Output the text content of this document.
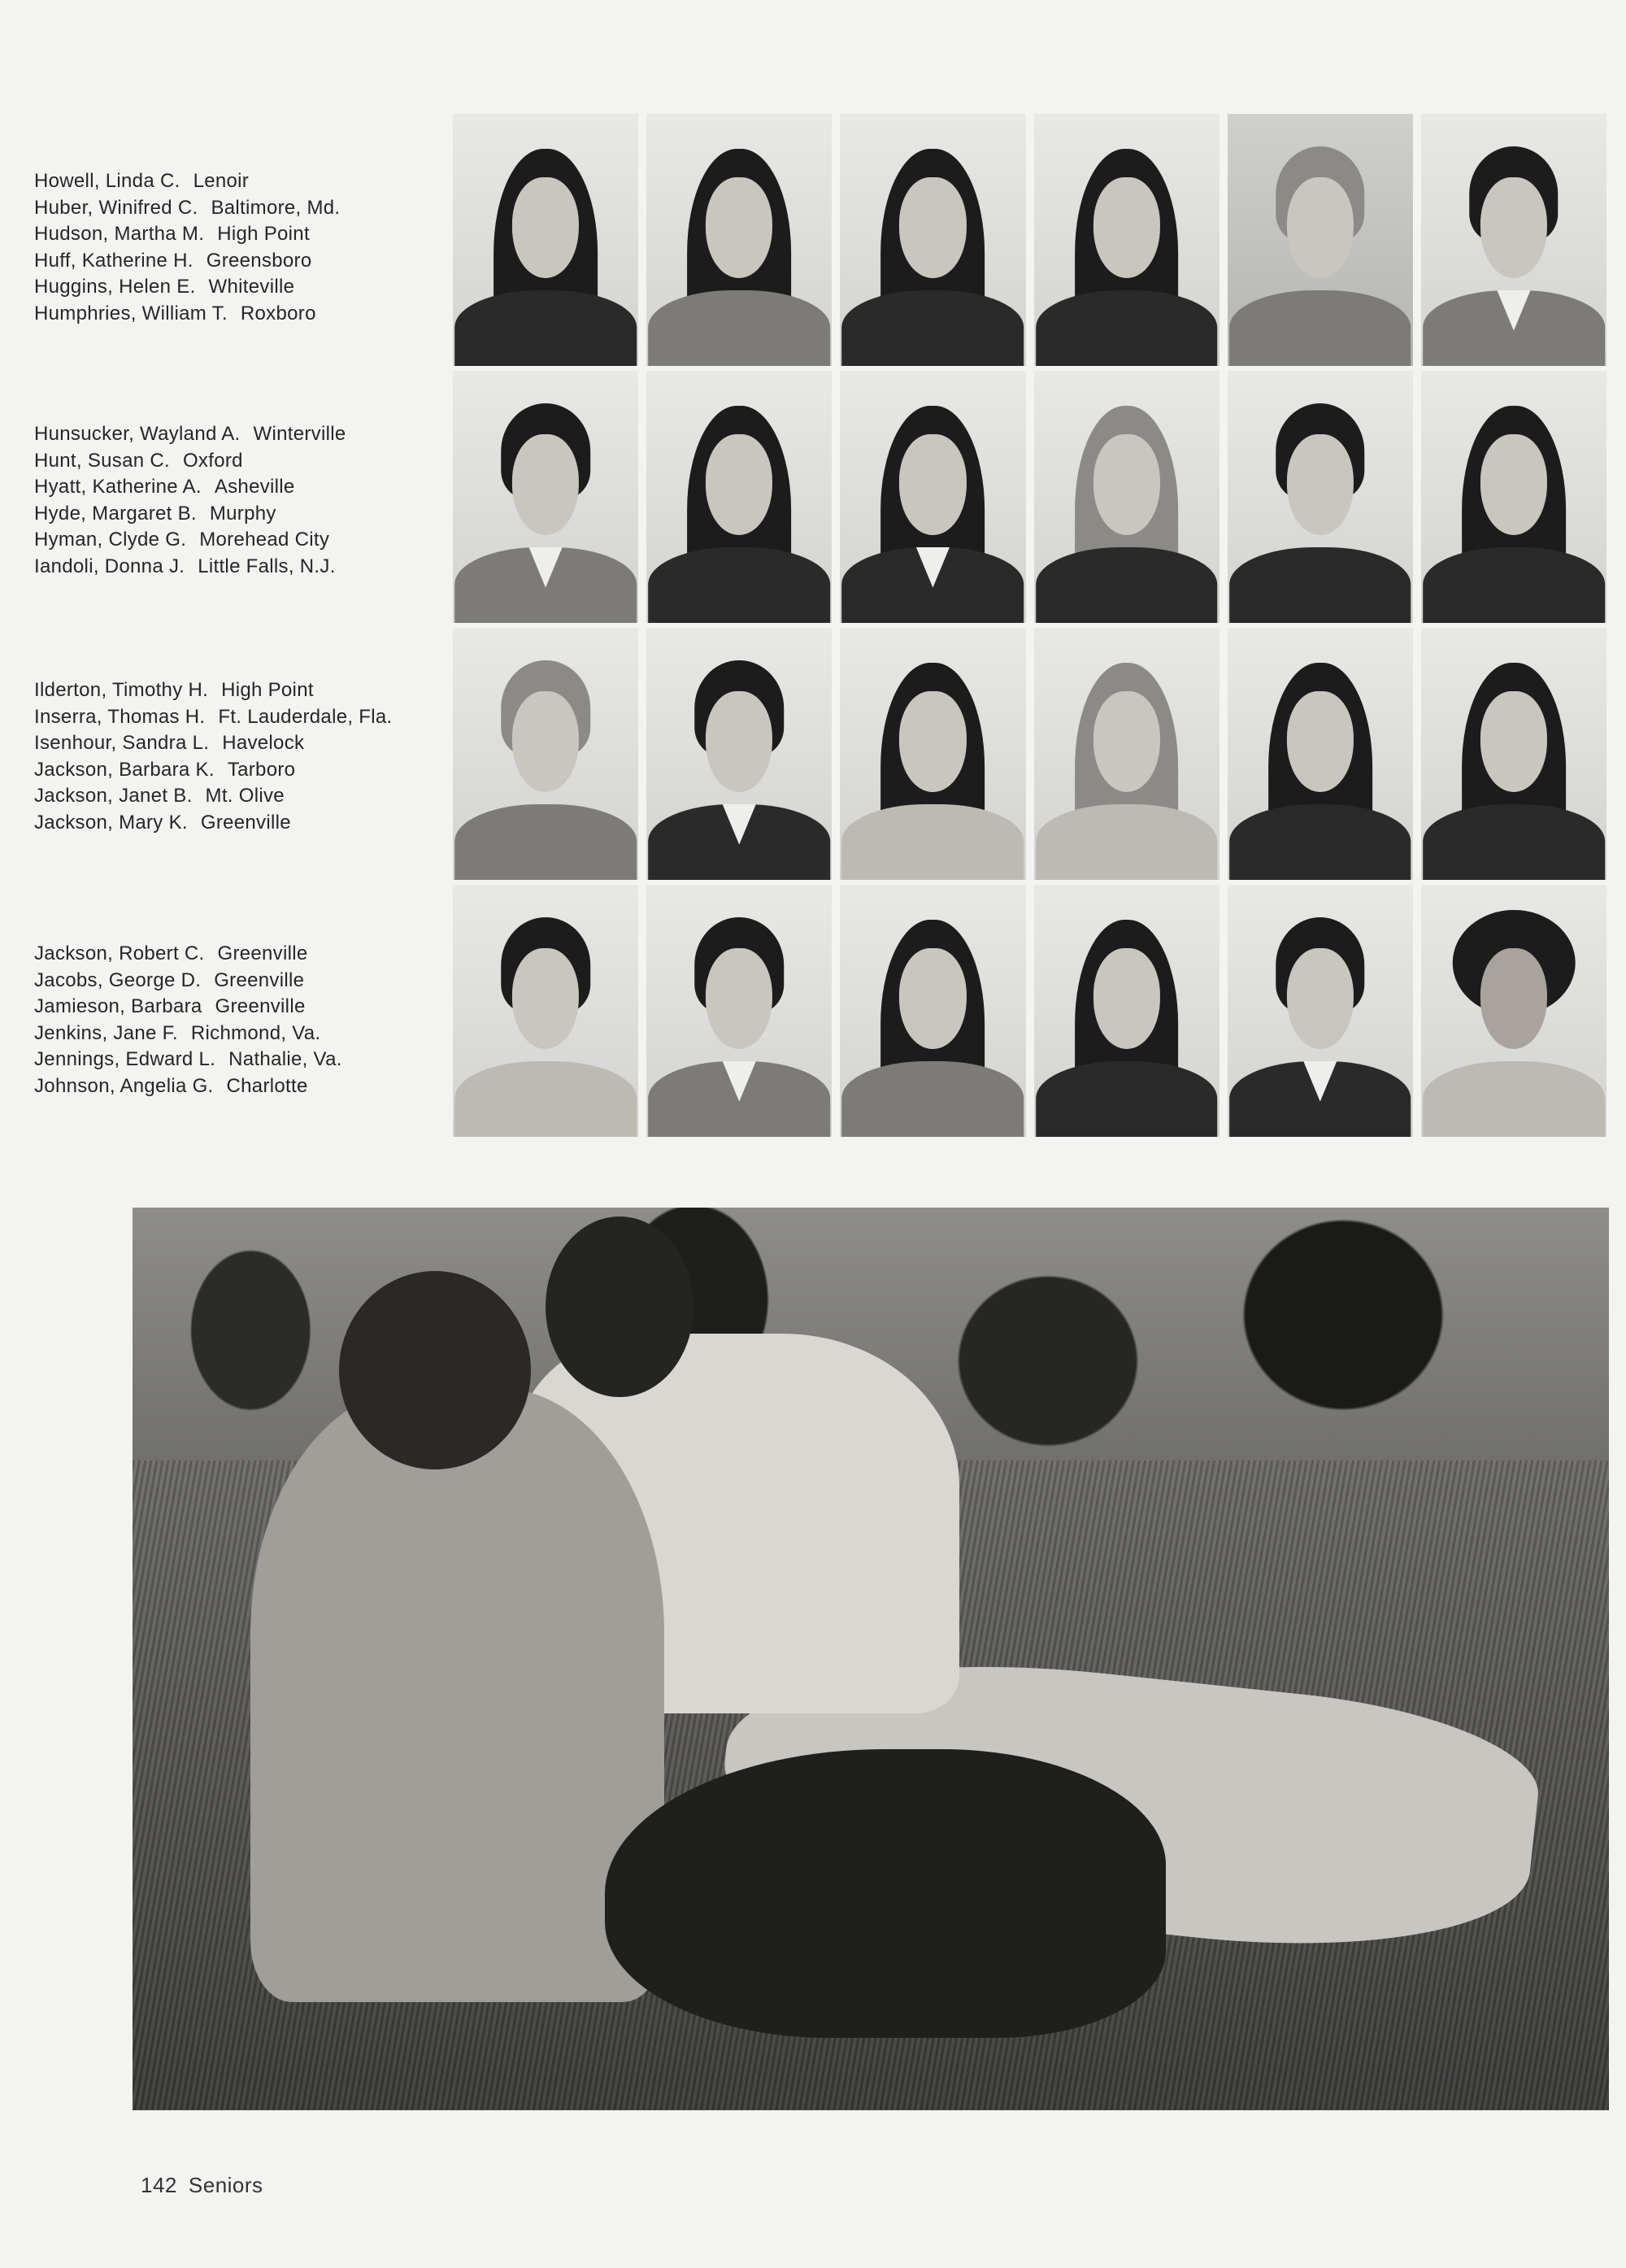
Howell, Linda C. Lenoir
Huber, Winifred C. Baltimore, Md.
Hudson, Martha M. High Point
Huff, Katherine H. Greensboro
Huggins, Helen E. Whiteville
Humphries, William T. Roxboro
Hunsucker, Wayland A. Winterville
Hunt, Susan C. Oxford
Hyatt, Katherine A. Asheville
Hyde, Margaret B. Murphy
Hyman, Clyde G. Morehead City
Iandoli, Donna J. Little Falls, N.J.
Ilderton, Timothy H. High Point
Inserra, Thomas H. Ft. Lauderdale, Fla.
Isenhour, Sandra L. Havelock
Jackson, Barbara K. Tarboro
Jackson, Janet B. Mt. Olive
Jackson, Mary K. Greenville
Jackson, Robert C. Greenville
Jacobs, George D. Greenville
Jamieson, Barbara Greenville
Jenkins, Jane F. Richmond, Va.
Jennings, Edward L. Nathalie, Va.
Johnson, Angelia G. Charlotte
142 Seniors
